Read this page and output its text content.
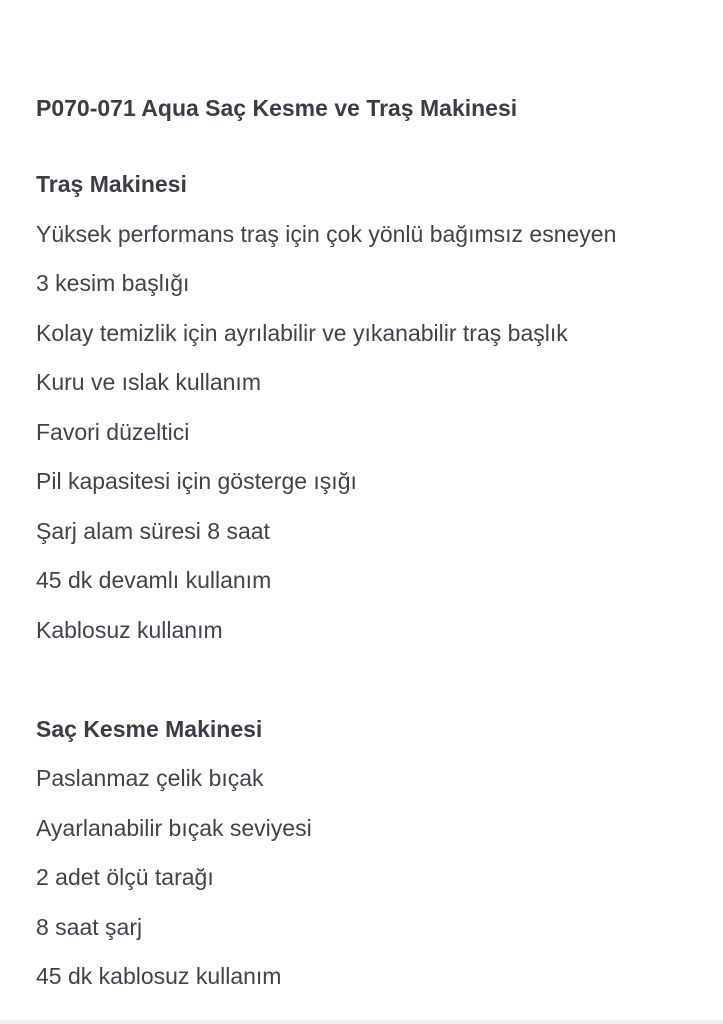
P070-071 Aqua Saç Kesme ve Traş Makinesi
Traş Makinesi
Yüksek performans traş için çok yönlü bağımsız esneyen
3 kesim başlığı
Kolay temizlik için ayrılabilir ve yıkanabilir traş başlık
Kuru ve ıslak kullanım
Favori düzeltici
Pil kapasitesi için gösterge ışığı
Şarj alam süresi 8 saat
45 dk devamlı kullanım
Kablosuz kullanım
Saç Kesme Makinesi
Paslanmaz çelik bıçak
Ayarlanabilir bıçak seviyesi
2 adet ölçü tarağı
8 saat şarj
45 dk kablosuz kullanım
